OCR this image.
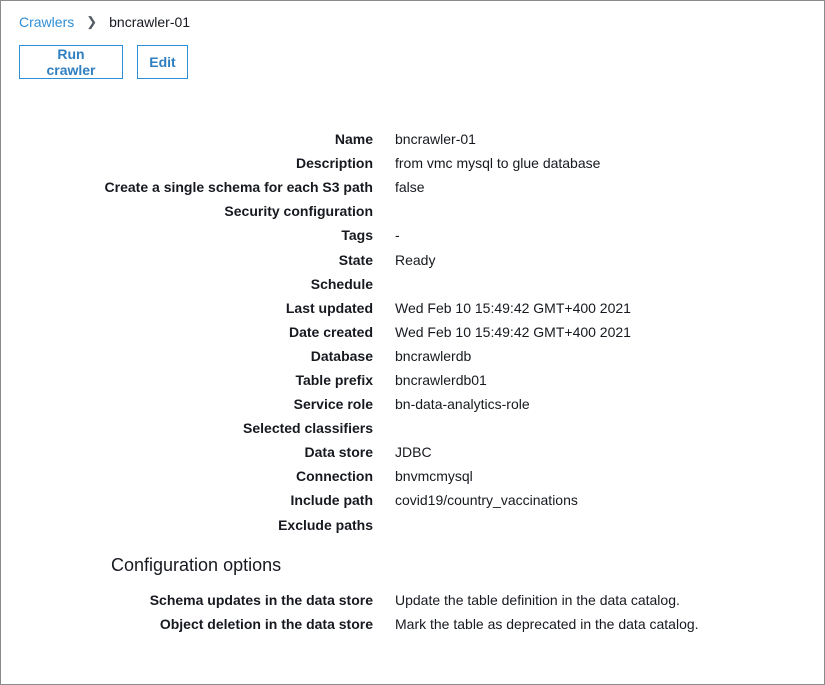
Crawlers ❯ bncrawler-01
Run crawler	Edit
Name bncrawler-01
Description from vmc mysql to glue database
Create a single schema for each S3 path false
Security configuration
Tags -
State Ready
Schedule
Last updated Wed Feb 10 15:49:42 GMT+400 2021
Date created Wed Feb 10 15:49:42 GMT+400 2021
Database bncrawlerdb
Table prefix bncrawlerdb01
Service role bn-data-analytics-role
Selected classifiers
Data store JDBC
Connection bnvmcmysql
Include path covid19/country_vaccinations
Exclude paths
Configuration options
Schema updates in the data store Update the table definition in the data catalog.
Object deletion in the data store Mark the table as deprecated in the data catalog.
